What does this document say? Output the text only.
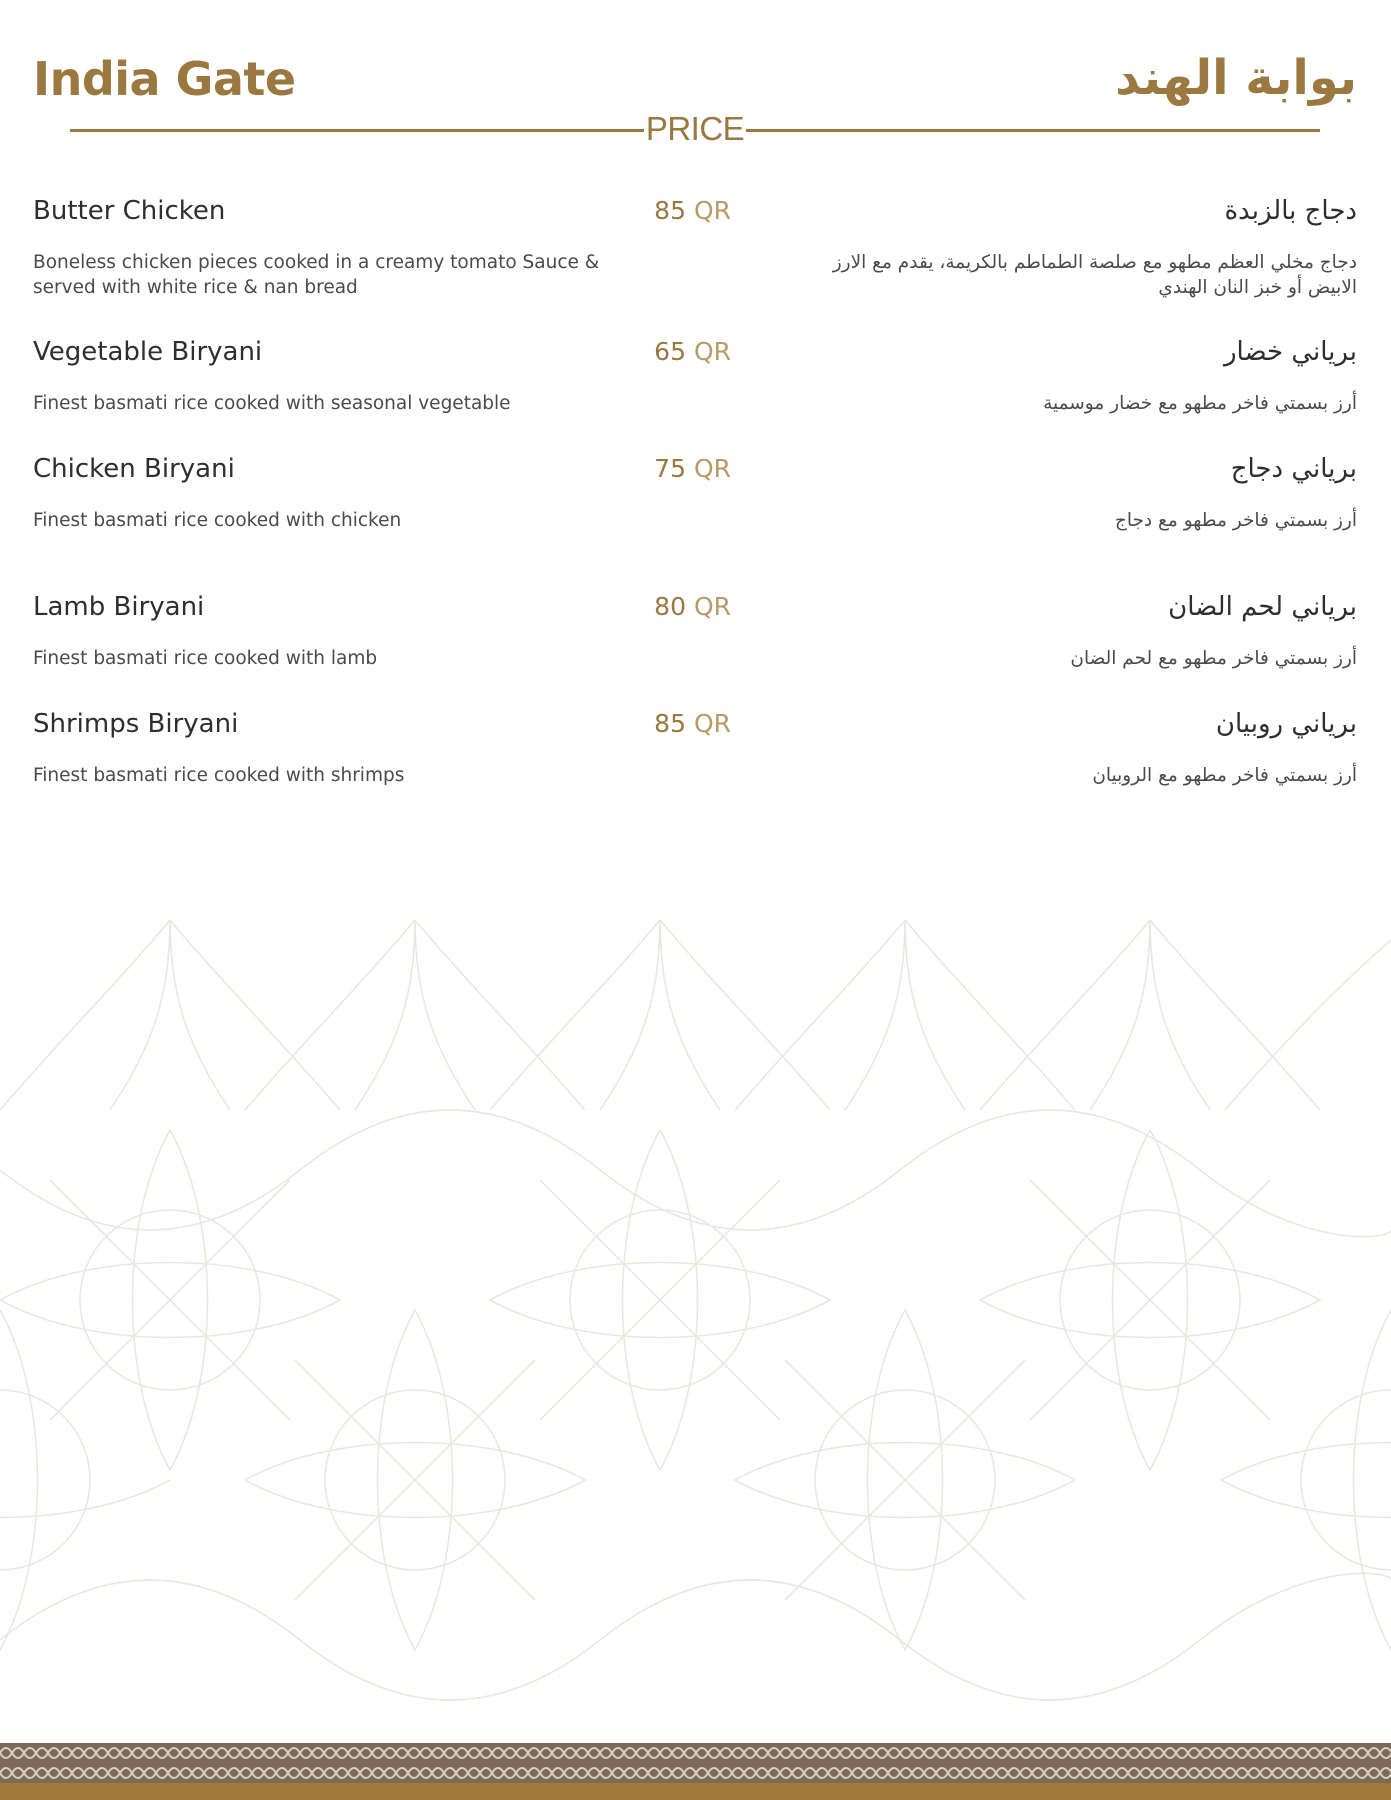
India Gate	بوابة الهند
PRICE
Butter Chicken	85 QR	دجاج بالزبدة
Boneless chicken pieces cooked in a creamy tomato Sauce & served with white rice & nan bread
دجاج مخلي العظم مطهو مع صلصة الطماطم بالكريمة، يقدم مع الارز الابيض أو خبز النان الهندي
Vegetable Biryani	65 QR	برياني خضار
Finest basmati rice cooked with seasonal vegetable	أرز بسمتي فاخر مطهو مع خضار موسمية
Chicken Biryani	75 QR	برياني دجاج
Finest basmati rice cooked with chicken	أرز بسمتي فاخر مطهو مع دجاج
Lamb Biryani	80 QR	برياني لحم الضان
Finest basmati rice cooked with lamb	أرز بسمتي فاخر مطهو مع لحم الضان
Shrimps Biryani	85 QR	برياني روبيان
Finest basmati rice cooked with shrimps	أرز بسمتي فاخر مطهو مع الروبيان
